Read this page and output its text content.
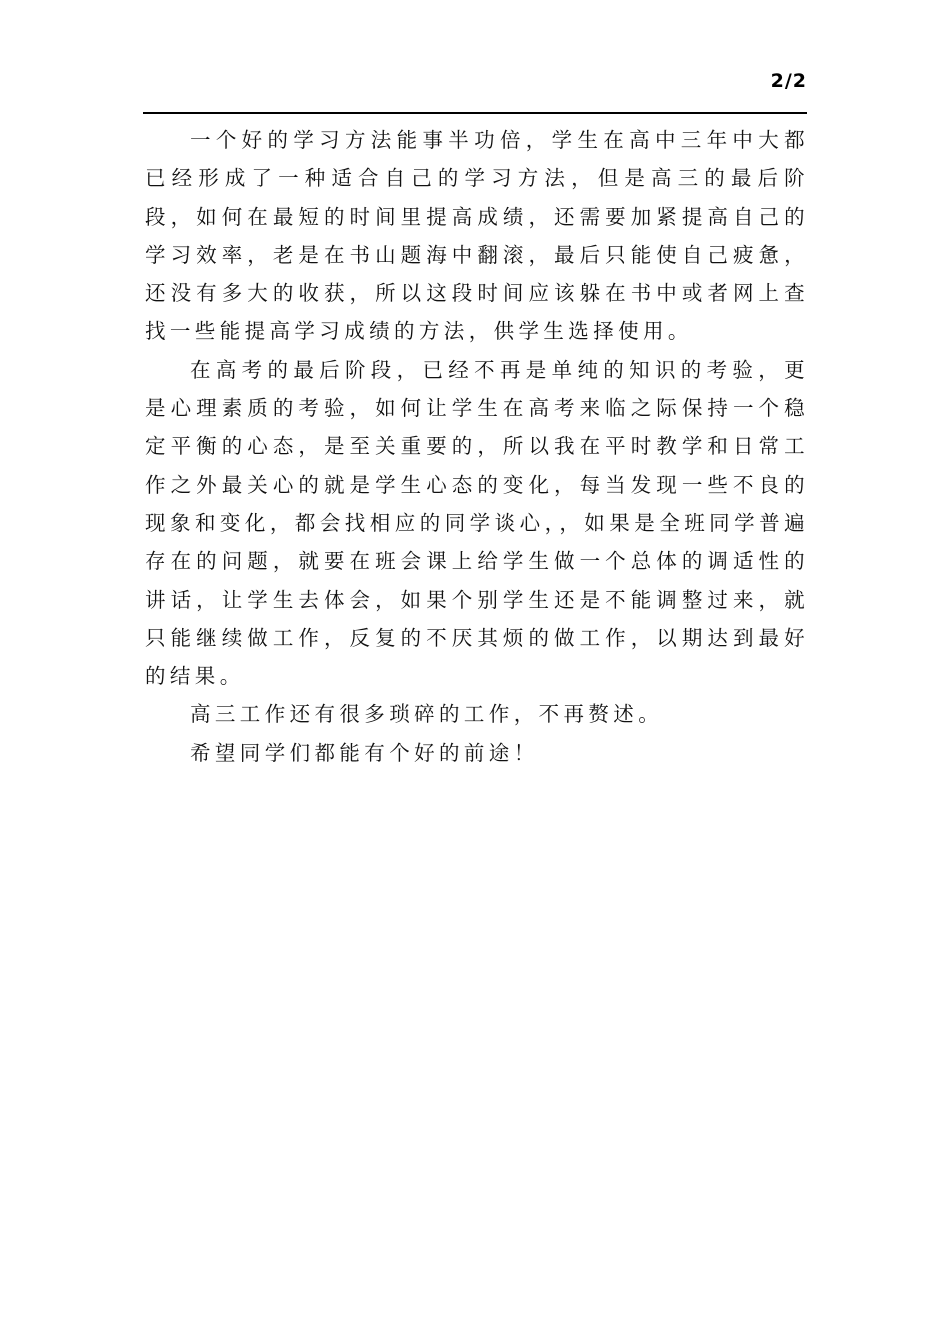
2/2

一个好的学习方法能事半功倍，学生在高中三年中大都已经形成了一种适合自己的学习方法，但是高三的最后阶段，如何在最短的时间里提高成绩，还需要加紧提高自己的学习效率，老是在书山题海中翻滚，最后只能使自己疲惫，还没有多大的收获，所以这段时间应该躲在书中或者网上查找一些能提高学习成绩的方法，供学生选择使用。

在高考的最后阶段，已经不再是单纯的知识的考验，更是心理素质的考验，如何让学生在高考来临之际保持一个稳定平衡的心态，是至关重要的，所以我在平时教学和日常工作之外最关心的就是学生心态的变化，每当发现一些不良的现象和变化，都会找相应的同学谈心，，如果是全班同学普遍存在的问题，就要在班会课上给学生做一个总体的调适性的讲话，让学生去体会，如果个别学生还是不能调整过来，就只能继续做工作，反复的不厌其烦的做工作，以期达到最好的结果。

高三工作还有很多琐碎的工作，不再赘述。

希望同学们都能有个好的前途！
